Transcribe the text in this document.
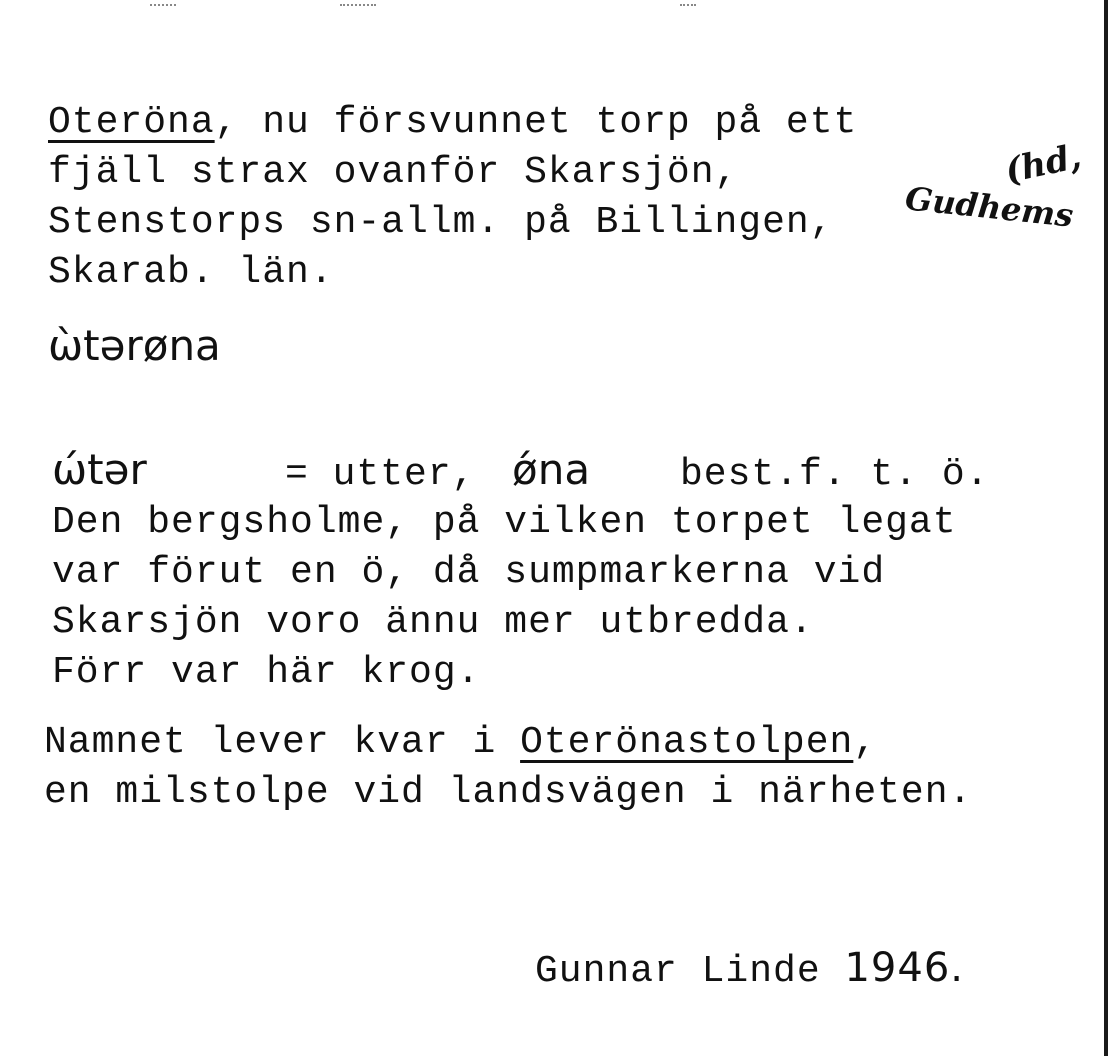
Oteröna, nu försvunnet torp på ett
fjäll strax ovanför Skarsjön,
Stenstorps sn-allm. på Billingen, Gudhems
(hd,
Skarab. län.
ὼtərøna
ώtər	= utter, ǿna best.f. t. ö.
Den bergsholme, på vilken torpet legat
var förut en ö, då sumpmarkerna vid
Skarsjön voro ännu mer utbredda.
Förr var här krog.
Namnet lever kvar i Oterönastolpen,
en milstolpe vid landsvägen i närheten.
Gunnar Linde 1946.
